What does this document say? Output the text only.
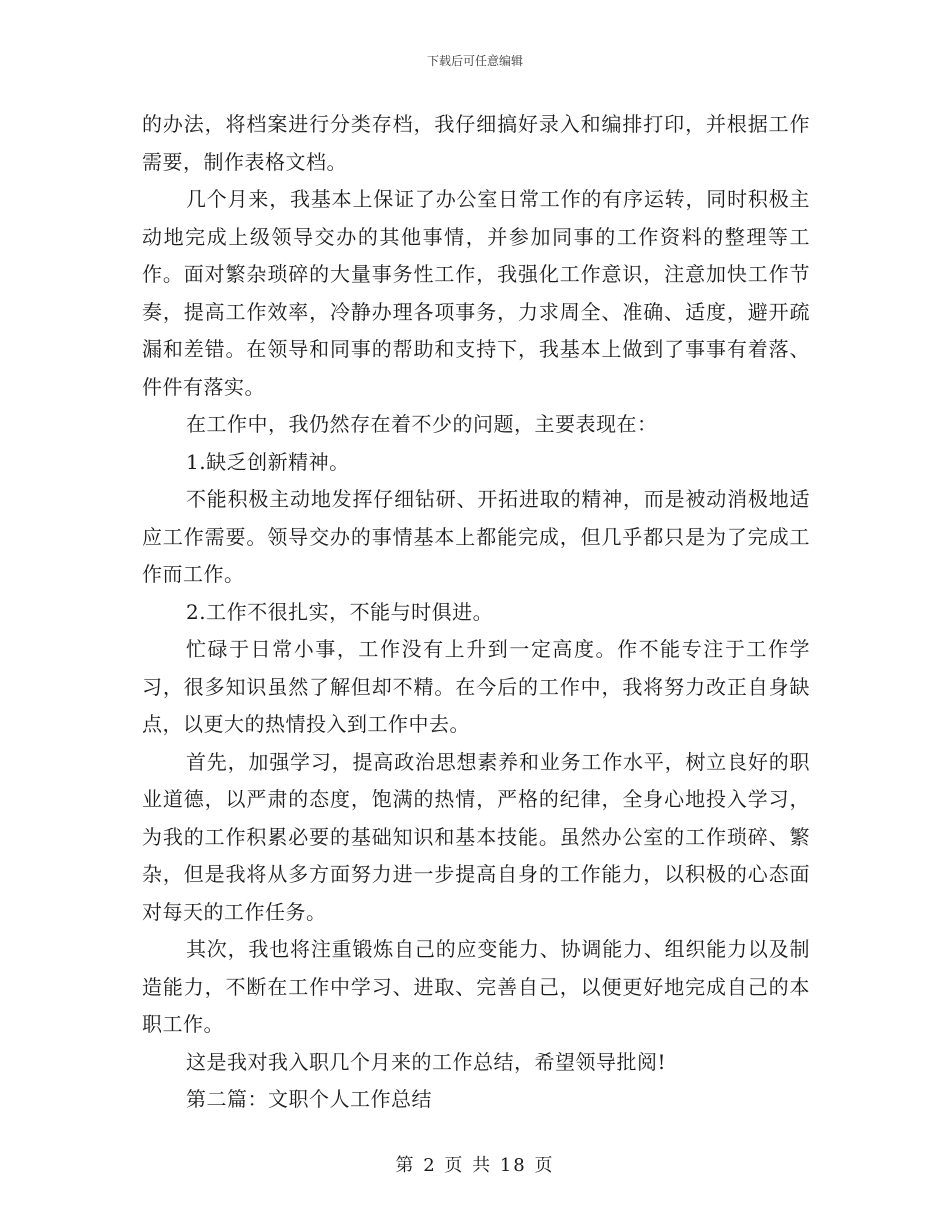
下载后可任意编辑

的办法，将档案进行分类存档，我仔细搞好录入和编排打印，并根据工作需要，制作表格文档。

几个月来，我基本上保证了办公室日常工作的有序运转，同时积极主动地完成上级领导交办的其他事情，并参加同事的工作资料的整理等工作。面对繁杂琐碎的大量事务性工作，我强化工作意识，注意加快工作节奏，提高工作效率，冷静办理各项事务，力求周全、准确、适度，避开疏漏和差错。在领导和同事的帮助和支持下，我基本上做到了事事有着落、件件有落实。

在工作中，我仍然存在着不少的问题，主要表现在：

1.缺乏创新精神。

不能积极主动地发挥仔细钻研、开拓进取的精神，而是被动消极地适应工作需要。领导交办的事情基本上都能完成，但几乎都只是为了完成工作而工作。

2.工作不很扎实，不能与时俱进。

忙碌于日常小事，工作没有上升到一定高度。作不能专注于工作学习，很多知识虽然了解但却不精。在今后的工作中，我将努力改正自身缺点，以更大的热情投入到工作中去。

首先，加强学习，提高政治思想素养和业务工作水平，树立良好的职业道德，以严肃的态度，饱满的热情，严格的纪律，全身心地投入学习，为我的工作积累必要的基础知识和基本技能。虽然办公室的工作琐碎、繁杂，但是我将从多方面努力进一步提高自身的工作能力，以积极的心态面对每天的工作任务。

其次，我也将注重锻炼自己的应变能力、协调能力、组织能力以及制造能力，不断在工作中学习、进取、完善自己，以便更好地完成自己的本职工作。

这是我对我入职几个月来的工作总结，希望领导批阅!

第二篇：文职个人工作总结

第 2 页 共 18 页
